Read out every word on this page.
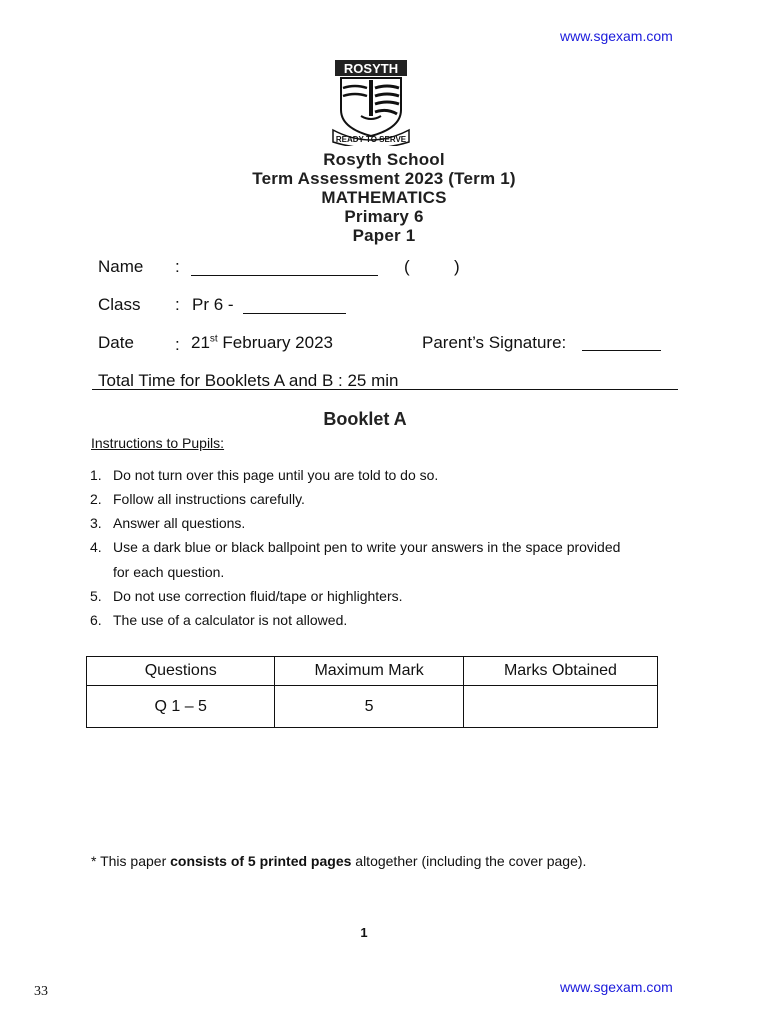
www.sgexam.com
ROSYTH
READY TO SERVE
Rosyth School
Term Assessment 2023 (Term 1)
MATHEMATICS
Primary 6
Paper 1
Name :	(	)
Class : Pr 6 -
Date : 21st February 2023	Parent’s Signature:
Total Time for Booklets A and B : 25 min
Booklet A
Instructions to Pupils:
1. Do not turn over this page until you are told to do so.
2. Follow all instructions carefully.
3. Answer all questions.
4. Use a dark blue or black ballpoint pen to write your answers in the space provided
for each question.
5. Do not use correction fluid/tape or highlighters.
6. The use of a calculator is not allowed.
Questions	Maximum Mark	Marks Obtained
Q 1 – 5	5	
* This paper consists of 5 printed pages altogether (including the cover page).
1
33	www.sgexam.com
